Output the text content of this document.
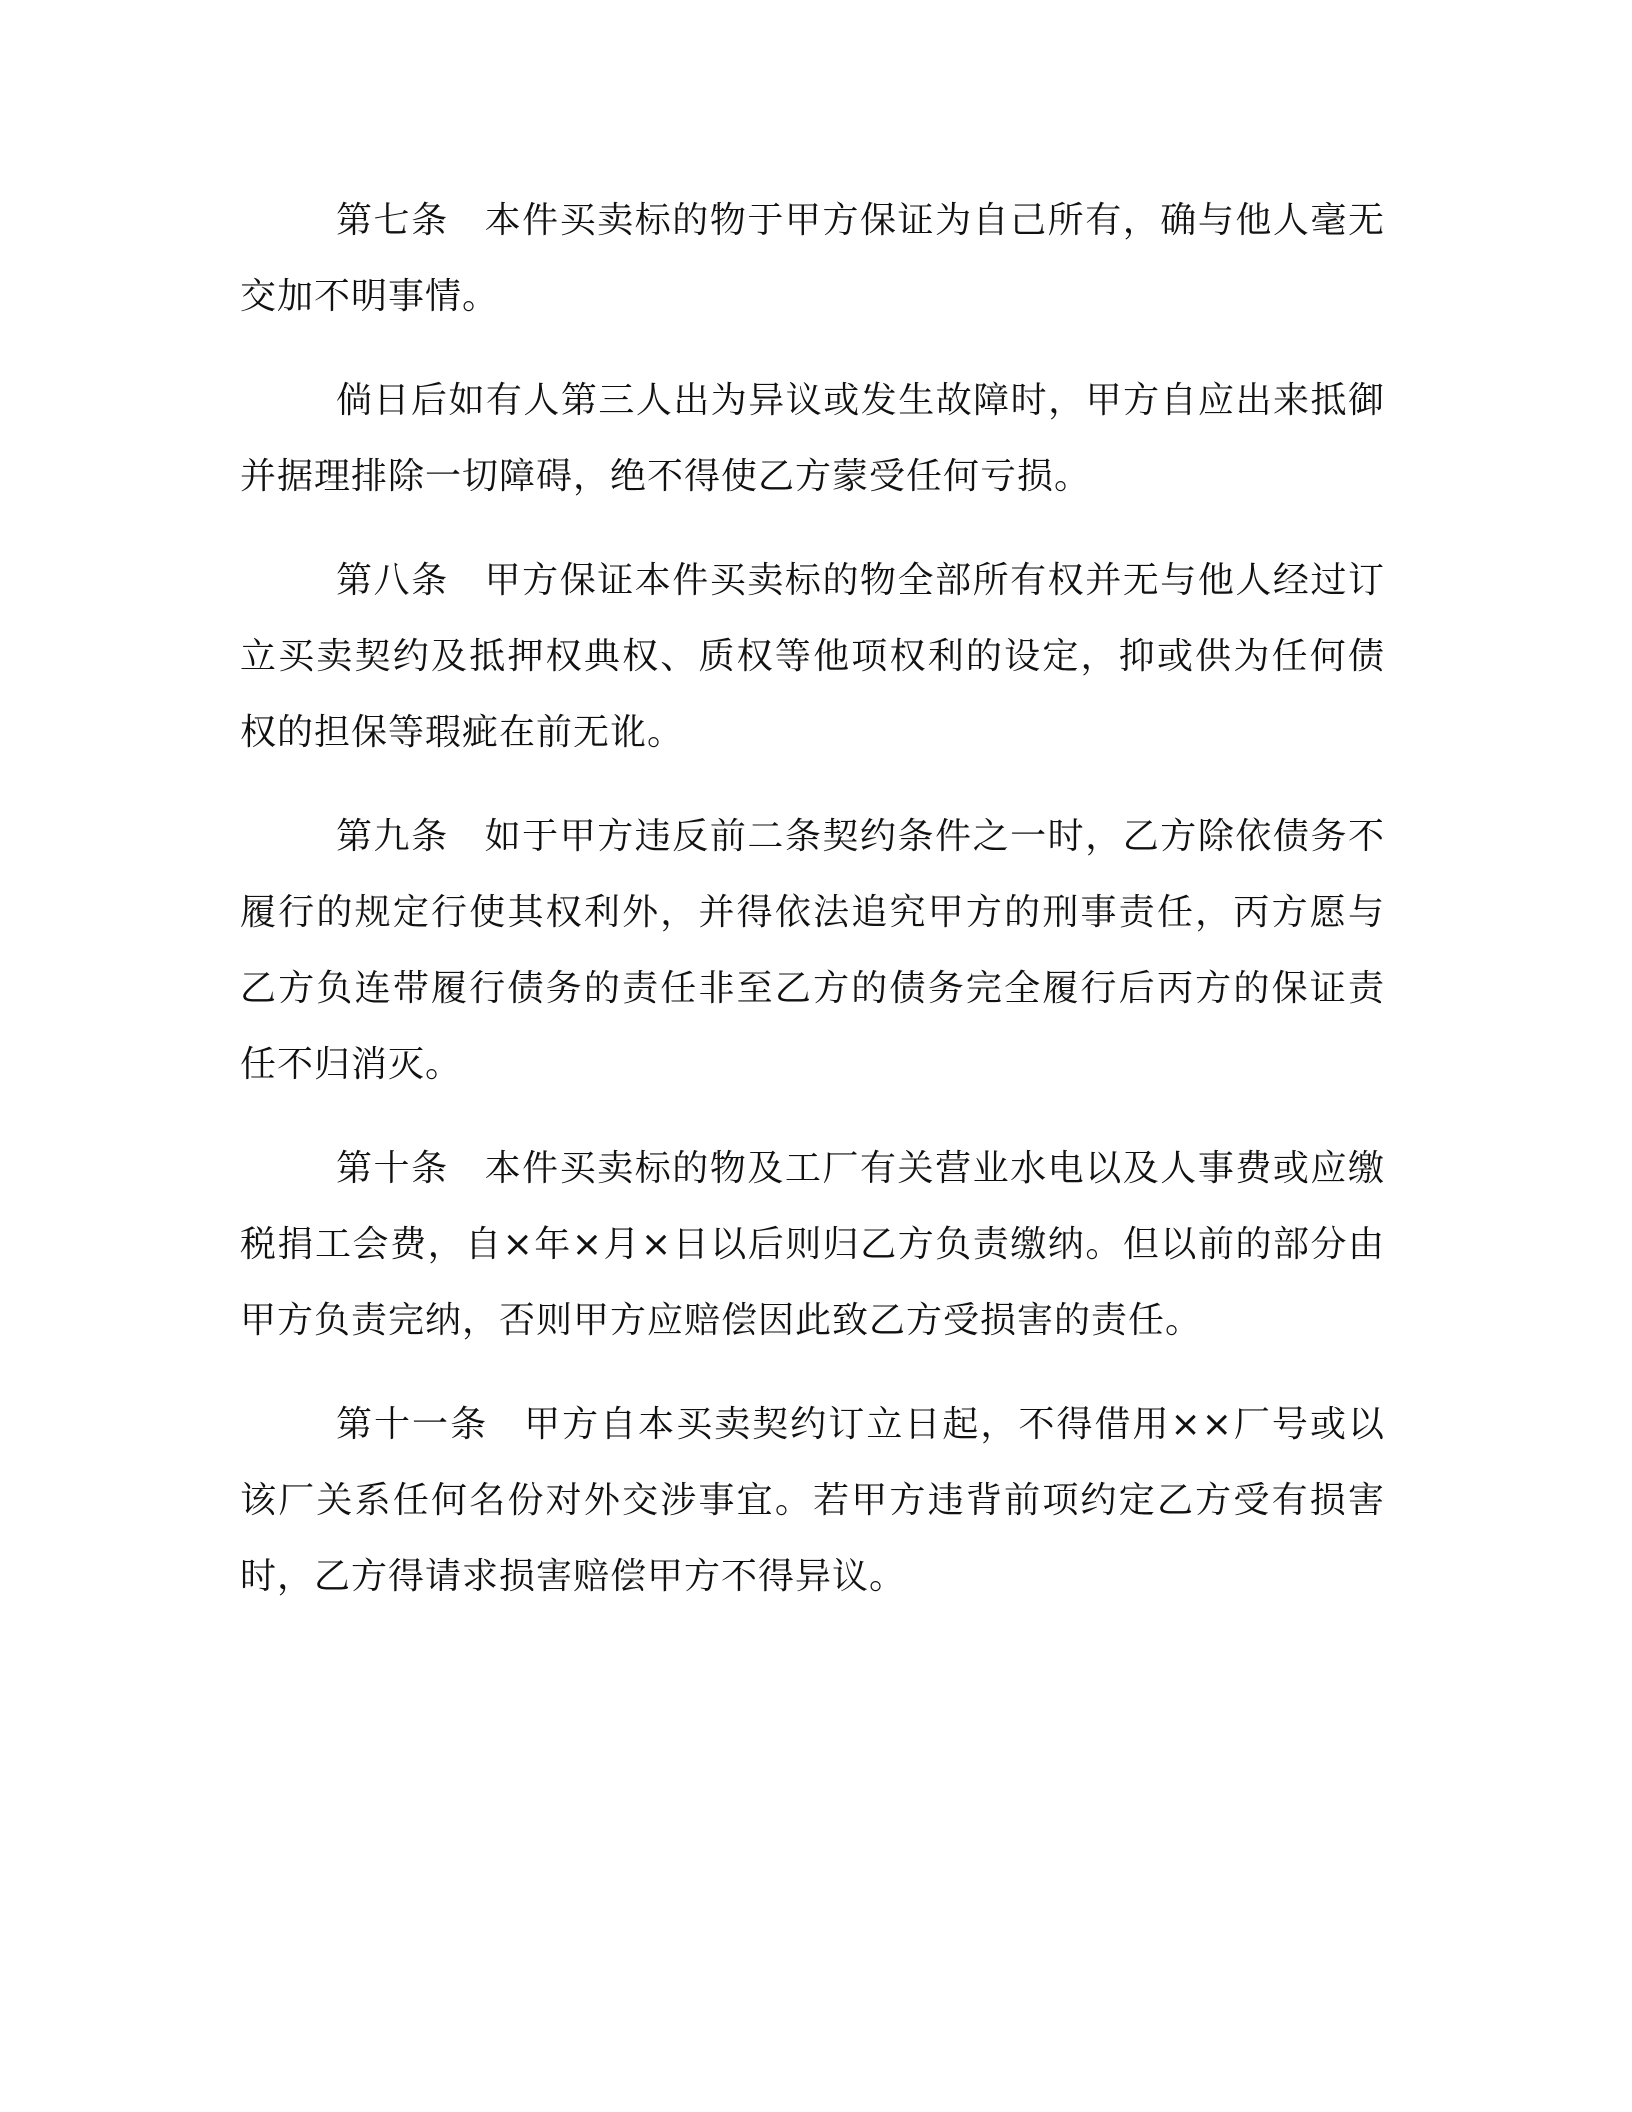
第七条 本件买卖标的物于甲方保证为自己所有，确与他人毫无交加不明事情。

倘日后如有人第三人出为异议或发生故障时，甲方自应出来抵御并据理排除一切障碍，绝不得使乙方蒙受任何亏损。

第八条 甲方保证本件买卖标的物全部所有权并无与他人经过订立买卖契约及抵押权典权、质权等他项权利的设定，抑或供为任何债权的担保等瑕疵在前无讹。

第九条 如于甲方违反前二条契约条件之一时，乙方除依债务不履行的规定行使其权利外，并得依法追究甲方的刑事责任，丙方愿与乙方负连带履行债务的责任非至乙方的债务完全履行后丙方的保证责任不归消灭。

第十条 本件买卖标的物及工厂有关营业水电以及人事费或应缴税捐工会费，自×年×月×日以后则归乙方负责缴纳。但以前的部分由甲方负责完纳，否则甲方应赔偿因此致乙方受损害的责任。

第十一条 甲方自本买卖契约订立日起，不得借用××厂号或以该厂关系任何名份对外交涉事宜。若甲方违背前项约定乙方受有损害时，乙方得请求损害赔偿甲方不得异议。
